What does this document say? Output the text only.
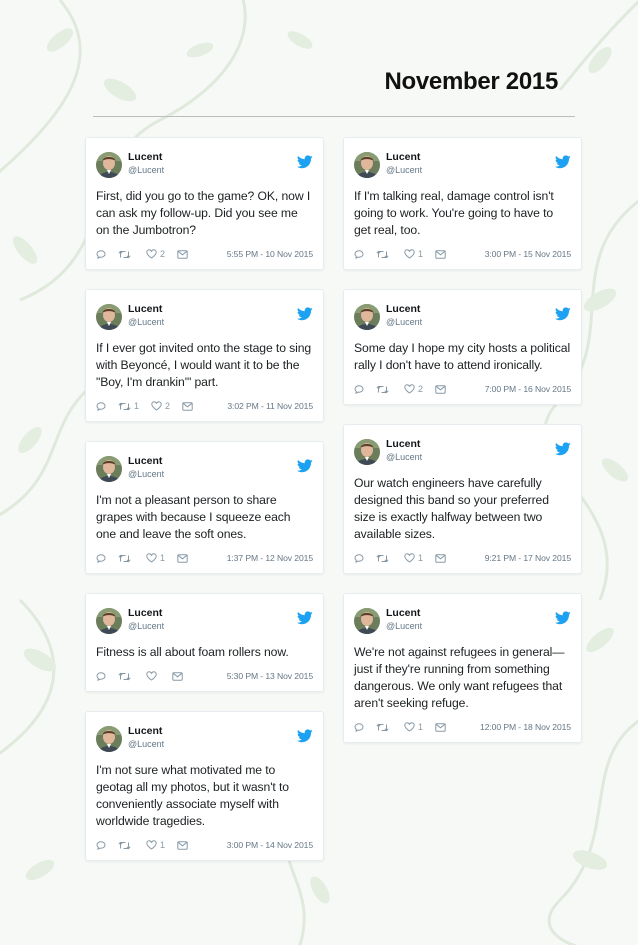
November 2015
Lucent
@Lucent
First, did you go to the game? OK, now I can ask my follow-up. Did you see me on the Jumbotron?
2	5:55 PM - 10 Nov 2015
Lucent
@Lucent
If I ever got invited onto the stage to sing with Beyoncé, I would want it to be the "Boy, I'm drankin'" part.
1	2	3:02 PM - 11 Nov 2015
Lucent
@Lucent
I'm not a pleasant person to share grapes with because I squeeze each one and leave the soft ones.
1	1:37 PM - 12 Nov 2015
Lucent
@Lucent
Fitness is all about foam rollers now.
5:30 PM - 13 Nov 2015
Lucent
@Lucent
I'm not sure what motivated me to geotag all my photos, but it wasn't to conveniently associate myself with worldwide tragedies.
1	3:00 PM - 14 Nov 2015
Lucent
@Lucent
If I'm talking real, damage control isn't going to work. You're going to have to get real, too.
1	3:00 PM - 15 Nov 2015
Lucent
@Lucent
Some day I hope my city hosts a political rally I don't have to attend ironically.
2	7:00 PM - 16 Nov 2015
Lucent
@Lucent
Our watch engineers have carefully designed this band so your preferred size is exactly halfway between two available sizes.
1	9:21 PM - 17 Nov 2015
Lucent
@Lucent
We're not against refugees in general—just if they're running from something dangerous. We only want refugees that aren't seeking refuge.
1	12:00 PM - 18 Nov 2015
